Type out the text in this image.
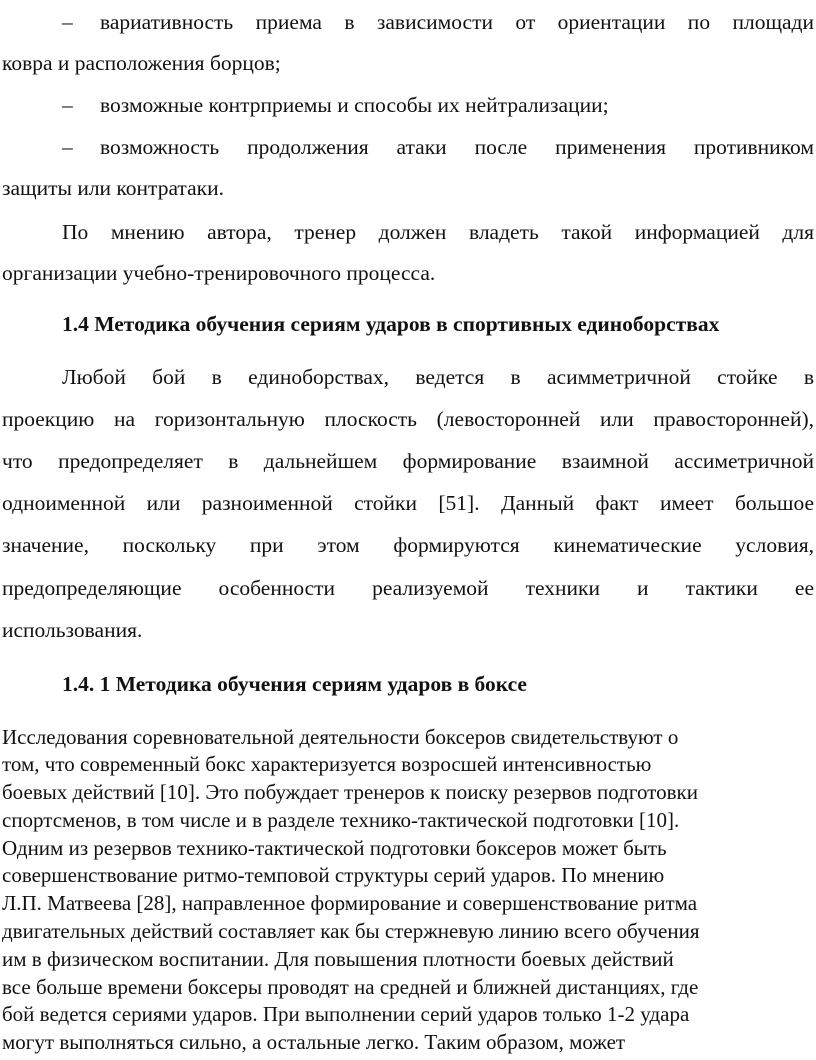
– вариативность приема в зависимости от ориентации по площади
ковра и расположения борцов;
– возможные контрприемы и способы их нейтрализации;
– возможность продолжения атаки после применения противником
защиты или контратаки.
По мнению автора, тренер должен владеть такой информацией для
организации учебно-тренировочного процесса.
1.4 Методика обучения сериям ударов в спортивных единоборствах
Любой бой в единоборствах, ведется в асимметричной стойке в
проекцию на горизонтальную плоскость (левосторонней или правосторонней),
что предопределяет в дальнейшем формирование взаимной ассиметричной
одноименной или разноименной стойки [51]. Данный факт имеет большое
значение, поскольку при этом формируются кинематические условия,
предопределяющие особенности реализуемой техники и тактики ее
использования.
1.4. 1 Методика обучения сериям ударов в боксе
Исследования соревновательной деятельности боксеров свидетельствуют о
том, что современный бокс характеризуется возросшей интенсивностью
боевых действий [10]. Это побуждает тренеров к поиску резервов подготовки
спортсменов, в том числе и в разделе технико-тактической подготовки [10].
Одним из резервов технико-тактической подготовки боксеров может быть
совершенствование ритмо-темповой структуры серий ударов. По мнению
Л.П. Матвеева [28], направленное формирование и совершенствование ритма
двигательных действий составляет как бы стержневую линию всего обучения
им в физическом воспитании. Для повышения плотности боевых действий
все больше времени боксеры проводят на средней и ближней дистанциях, где
бой ведется сериями ударов. При выполнении серий ударов только 1-2 удара
могут выполняться сильно, а остальные легко. Таким образом, может
